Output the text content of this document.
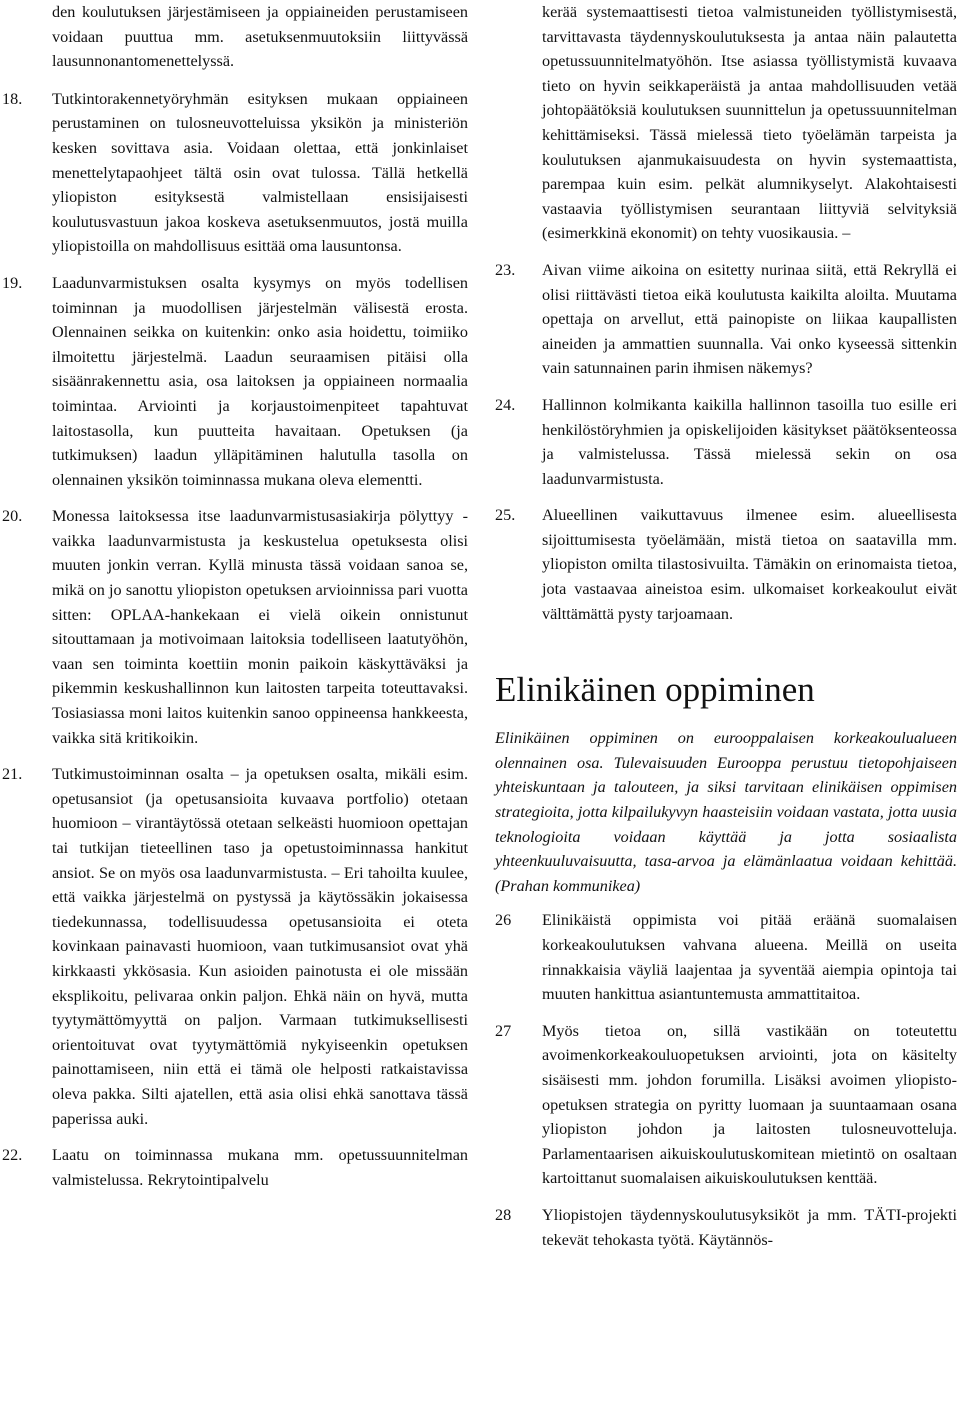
den koulutuksen järjestämiseen ja oppiaineiden perustamiseen voidaan puuttua mm. asetuksenmuutoksiin liittyvässä lausunnonantomenettelyssä.
18. Tutkintorakennetyöryhmän esityksen mukaan oppiaineen perustaminen on tulosneuvotteluissa yksikön ja ministeriön kesken sovittava asia. Voidaan olettaa, että jonkinlaiset menettelytapaohjeet tältä osin ovat tulossa. Tällä hetkellä yliopiston esityksestä valmistellaan ensisijaisesti koulutusvastuun jakoa koskeva asetuksenmuutos, jostä muilla yliopistoilla on mahdollisuus esittää oma lausuntonsa.
19. Laadunvarmistuksen osalta kysymys on myös todellisen toiminnan ja muodollisen järjestelmän välisestä erosta. Olennainen seikka on kuitenkin: onko asia hoidettu, toimiiko ilmoitettu järjestelmä. Laadun seuraamisen pitäisi olla sisäänrakennettu asia, osa laitoksen ja oppiaineen normaalia toimintaa. Arviointi ja korjaustoimenpiteet tapahtuvat laitostasolla, kun puutteita havaitaan. Opetuksen (ja tutkimuksen) laadun ylläpitäminen halutulla tasolla on olennainen yksikön toiminnassa mukana oleva elementti.
20. Monessa laitoksessa itse laadunvarmistusasiakirja pölyttyy - vaikka laadunvarmistusta ja keskustelua opetuksesta olisi muuten jonkin verran. Kyllä minusta tässä voidaan sanoa se, mikä on jo sanottu yliopiston opetuksen arvioinnissa pari vuotta sitten: OPLAA-hankekaan ei vielä oikein onnistunut sitouttamaan ja motivoimaan laitoksia todelliseen laatutyöhön, vaan sen toiminta koettiin monin paikoin käskyttäväksi ja pikemmin keskushallinnon kun laitosten tarpeita toteuttavaksi. Tosiasiassa moni laitos kuitenkin sanoo oppineensa hankkeesta, vaikka sitä kritikoikin.
21. Tutkimustoiminnan osalta – ja opetuksen osalta, mikäli esim. opetusansiot (ja opetusansioita kuvaava portfolio) otetaan huomioon – virantäytössä otetaan selkeästi huomioon opettajan tai tutkijan tieteellinen taso ja opetustoiminnassa hankitut ansiot. Se on myös osa laadunvarmistusta. – Eri tahoilta kuulee, että vaikka järjestelmä on pystyssä ja käytössäkin jokaisessa tiedekunnassa, todellisuudessa opetusansioita ei oteta kovinkaan painavasti huomioon, vaan tutkimusansiot ovat yhä kirkkaasti ykkösasia. Kun asioiden painotusta ei ole missään eksplikoitu, pelivaraa onkin paljon. Ehkä näin on hyvä, mutta tyytymättömyyttä on paljon. Varmaan tutkimuksellisesti orientoituvat ovat tyytymättömiä nykyiseenkin opetuksen painottamiseen, niin että ei tämä ole helposti ratkaistavissa oleva pakka. Silti ajatellen, että asia olisi ehkä sanottava tässä paperissa auki.
22. Laatu on toiminnassa mukana mm. opetussuunnitelman valmistelussa. Rekrytointipalvelu
kerää systemaattisesti tietoa valmistuneiden työllistymisestä, tarvittavasta täydennyskoulutuksesta ja antaa näin palautetta opetussuunnitelmatyöhön. Itse asiassa työllistymistä kuvaava tieto on hyvin seikkaperäistä ja antaa mahdollisuuden vetää johtopäätöksiä koulutuksen suunnittelun ja opetussuunnitelman kehittämiseksi. Tässä mielessä tieto työelämän tarpeista ja koulutuksen ajanmukaisuudesta on hyvin systemaattista, parempaa kuin esim. pelkät alumnikyselyt. Alakohtaisesti vastaavia työllistymisen seurantaan liittyviä selvityksiä (esimerkkinä ekonomit) on tehty vuosikausia. –
23. Aivan viime aikoina on esitetty nurinaa siitä, että Rekryllä ei olisi riittävästi tietoa eikä koulutusta kaikilta aloilta. Muutama opettaja on arvellut, että painopiste on liikaa kaupallisten aineiden ja ammattien suunnalla. Vai onko kyseessä sittenkin vain satunnainen parin ihmisen näkemys?
24. Hallinnon kolmikanta kaikilla hallinnon tasoilla tuo esille eri henkilöstöryhmien ja opiskelijoiden käsitykset päätöksenteossa ja valmistelussa. Tässä mielessä sekin on osa laadunvarmistusta.
25. Alueellinen vaikuttavuus ilmenee esim. alueellisesta sijoittumisesta työelämään, mistä tietoa on saatavilla mm. yliopiston omilta tilastosivuilta. Tämäkin on erinomaista tietoa, jota vastaavaa aineistoa esim. ulkomaiset korkeakoulut eivät välttämättä pysty tarjoamaan.
Elinikäinen oppiminen
Elinikäinen oppiminen on eurooppalaisen korkeakoulualueen olennainen osa. Tulevaisuuden Eurooppa perustuu tietopohjaiseen yhteiskuntaan ja talouteen, ja siksi tarvitaan elinikäisen oppimisen strategioita, jotta kilpailukyvyn haasteisiin voidaan vastata, jotta uusia teknologioita voidaan käyttää ja jotta sosiaalista yhteenkuuluvaisuutta, tasa-arvoa ja elämänlaatua voidaan kehittää. (Prahan kommunikea)
26 Elinikäistä oppimista voi pitää eräänä suomalaisen korkeakoulutuksen vahvana alueena. Meillä on useita rinnakkaisia väyliä laajentaa ja syventää aiempia opintoja tai muuten hankittua asiantuntemusta ammattitaitoa.
27 Myös tietoa on, sillä vastikään on toteutettu avoimenkorkeakouluopetuksen arviointi, jota on käsitelty sisäisesti mm. johdon forumilla. Lisäksi avoimen yliopisto-opetuksen strategia on pyritty luomaan ja suuntaamaan osana yliopiston johdon ja laitosten tulosneuvotteluja. Parlamentaarisen aikuiskoulutuskomitean mietintö on osaltaan kartoittanut suomalaisen aikuiskoulutuksen kenttää.
28 Yliopistojen täydennyskoulutusyksiköt ja mm. TÄTI-projekti tekevät tehokasta työtä. Käytännös-
